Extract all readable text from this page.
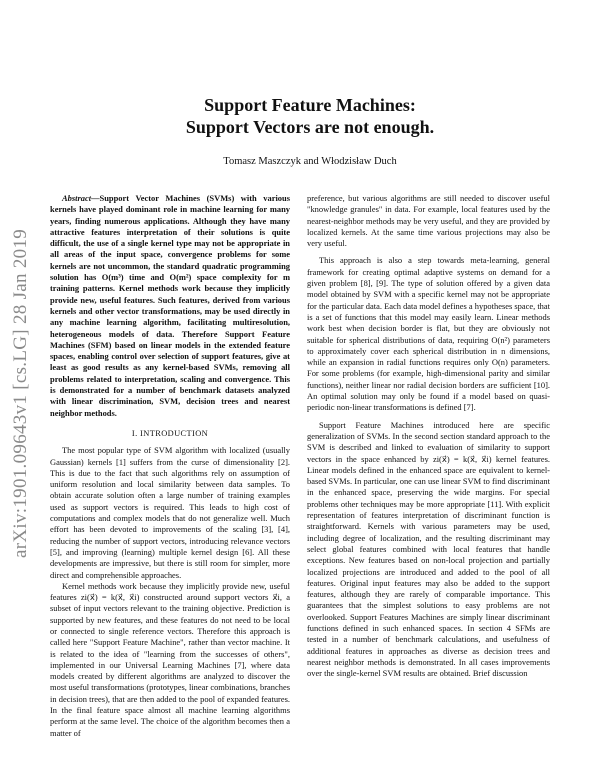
arXiv:1901.09643v1 [cs.LG] 28 Jan 2019
Support Feature Machines:
Support Vectors are not enough.
Tomasz Maszczyk and Włodzisław Duch

Abstract—Support Vector Machines (SVMs) with various kernels have played dominant role in machine learning for many years, finding numerous applications. Although they have many attractive features interpretation of their solutions is quite difficult, the use of a single kernel type may not be appropriate in all areas of the input space, convergence problems for some kernels are not uncommon, the standard quadratic programming solution has O(m³) time and O(m²) space complexity for m training patterns. Kernel methods work because they implicitly provide new, useful features. Such features, derived from various kernels and other vector transformations, may be used directly in any machine learning algorithm, facilitating multiresolution, heterogeneous models of data. Therefore Support Feature Machines (SFM) based on linear models in the extended feature spaces, enabling control over selection of support features, give at least as good results as any kernel-based SVMs, removing all problems related to interpretation, scaling and convergence. This is demonstrated for a number of benchmark datasets analyzed with linear discrimination, SVM, decision trees and nearest neighbor methods.

I. INTRODUCTION

The most popular type of SVM algorithm with localized (usually Gaussian) kernels [1] suffers from the curse of dimensionality [2]. This is due to the fact that such algorithms rely on assumption of uniform resolution and local similarity between data samples. To obtain accurate solution often a large number of training examples used as support vectors is required. This leads to high cost of computations and complex models that do not generalize well. Much effort has been devoted to improvements of the scaling [3], [4], reducing the number of support vectors, introducing relevance vectors [5], and improving (learning) multiple kernel design [6]. All these developments are impressive, but there is still room for simpler, more direct and comprehensible approaches.

Kernel methods work because they implicitly provide new, useful features zi(x⃗) = k(x⃗, x⃗i) constructed around support vectors x⃗i, a subset of input vectors relevant to the training objective. Prediction is supported by new features, and these features do not need to be local or connected to single reference vectors. Therefore this approach is called here "Support Feature Machine", rather than vector machine. It is related to the idea of "learning from the successes of others", implemented in our Universal Learning Machines [7], where data models created by different algorithms are analyzed to discover the most useful transformations (prototypes, linear combinations, branches in decision trees), that are then added to the pool of expanded features. In the final feature space almost all machine learning algorithms perform at the same level. The choice of the algorithm becomes then a matter of

preference, but various algorithms are still needed to discover useful "knowledge granules" in data. For example, local features used by the nearest-neighbor methods may be very useful, and they are provided by localized kernels. At the same time various projections may also be very useful.

This approach is also a step towards meta-learning, general framework for creating optimal adaptive systems on demand for a given problem [8], [9]. The type of solution offered by a given data model obtained by SVM with a specific kernel may not be appropriate for the particular data. Each data model defines a hypotheses space, that is a set of functions that this model may easily learn. Linear methods work best when decision border is flat, but they are obviously not suitable for spherical distributions of data, requiring O(n²) parameters to approximately cover each spherical distribution in n dimensions, while an expansion in radial functions requires only O(n) parameters. For some problems (for example, high-dimensional parity and similar functions), neither linear nor radial decision borders are sufficient [10]. An optimal solution may only be found if a model based on quasi-periodic non-linear transformations is defined [7].

Support Feature Machines introduced here are specific generalization of SVMs. In the second section standard approach to the SVM is described and linked to evaluation of similarity to support vectors in the space enhanced by zi(x⃗) = k(x⃗, x⃗i) kernel features. Linear models defined in the enhanced space are equivalent to kernel-based SVMs. In particular, one can use linear SVM to find discriminant in the enhanced space, preserving the wide margins. For special problems other techniques may be more appropriate [11]. With explicit representation of features interpretation of discriminant function is straightforward. Kernels with various parameters may be used, including degree of localization, and the resulting discriminant may select global features combined with local features that handle exceptions. New features based on non-local projection and partially localized projections are introduced and added to the pool of all features. Original input features may also be added to the support features, although they are rarely of comparable importance. This guarantees that the simplest solutions to easy problems are not overlooked. Support Features Machines are simply linear discriminant functions defined in such enhanced spaces. In section 4 SFMs are tested in a number of benchmark calculations, and usefulness of additional features in approaches as diverse as decision trees and nearest neighbor methods is demonstrated. In all cases improvements over the single-kernel SVM results are obtained. Brief discussion
